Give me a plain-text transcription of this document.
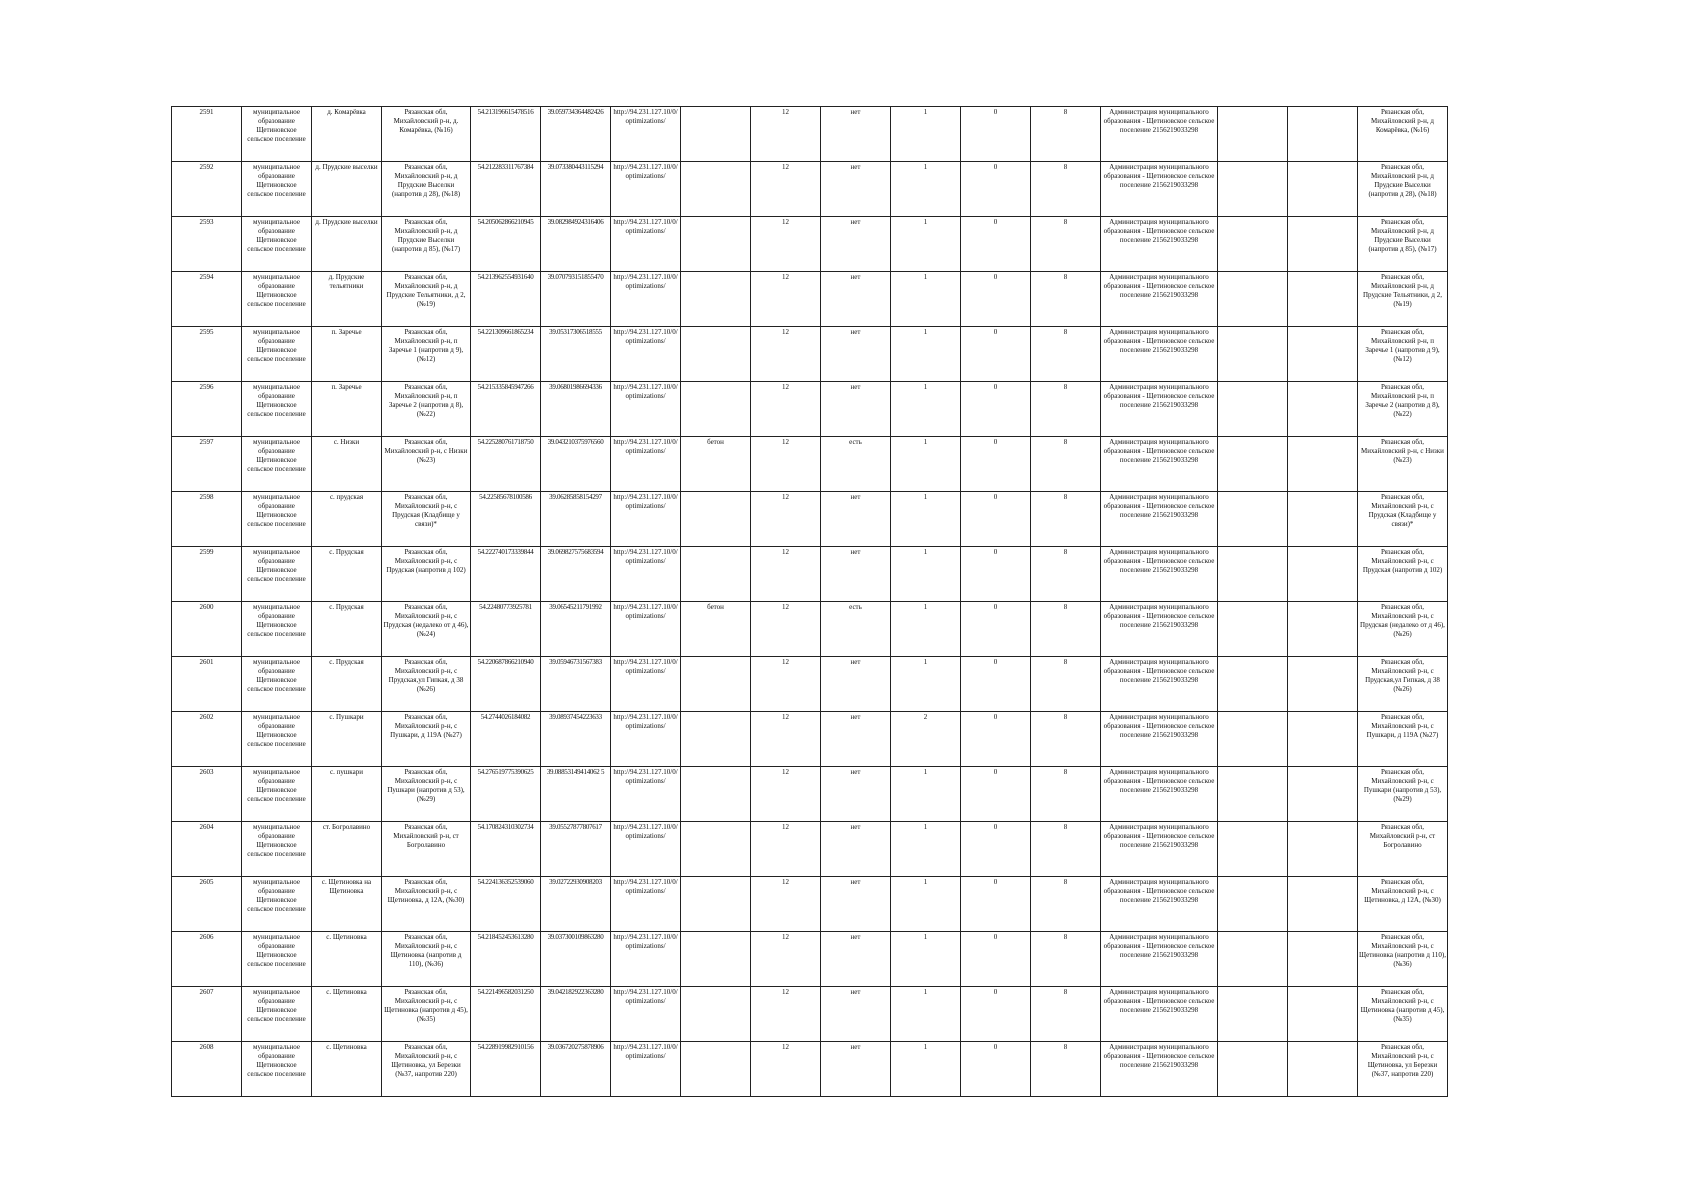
2591	муниципальное образование Щетиновское сельское поселение	д. Комарёвка	Рязанская обл, Михайловский р-н, д. Комарёвка, (№16)	54.213196615478516	39.059734364482426	http://94.231.127.10/0/optimizations/		12	нет	1	0	8	Администрация муниципального образования - Щетиновское сельское поселение 2156219033298			Рязанская обл, Михайловский р-н, д Комарёвка, (№16)
2592	муниципальное образование Щетиновское сельское поселение	д. Прудские выселки	Рязанская обл, Михайловский р-н, д Прудские Выселки (напротив д 28), (№18)	54.212283311767384	39.073380443115294	http://94.231.127.10/0/optimizations/		12	нет	1	0	8	Администрация муниципального образования - Щетиновское сельское поселение 2156219033298			Рязанская обл, Михайловский р-н, д Прудские Выселки (напротив д 28), (№18)
2593	муниципальное образование Щетиновское сельское поселение	д. Прудские выселки	Рязанская обл, Михайловский р-н, д Прудские Выселки (напротив д 85), (№17)	54.205062866210945	39.082984924316406	http://94.231.127.10/0/optimizations/		12	нет	1	0	8	Администрация муниципального образования - Щетиновское сельское поселение 2156219033298			Рязанская обл, Михайловский р-н, д Прудские Выселки (напротив д 85), (№17)
2594	муниципальное образование Щетиновское сельское поселение	д. Прудские тельятники	Рязанская обл, Михайловский р-н, д Прудские Тельятники, д 2, (№19)	54.213962554931640	39.070793151855470	http://94.231.127.10/0/optimizations/		12	нет	1	0	8	Администрация муниципального образования - Щетиновское сельское поселение 2156219033298			Рязанская обл, Михайловский р-н, д Прудские Тельятники, д 2, (№19)
2595	муниципальное образование Щетиновское сельское поселение	п. Заречье	Рязанская обл, Михайловский р-н, п Заречье 1 (напротив д 9), (№12)	54.221309661865234	39.05317306518555	http://94.231.127.10/0/optimizations/		12	нет	1	0	8	Администрация муниципального образования - Щетиновское сельское поселение 2156219033298			Рязанская обл, Михайловский р-н, п Заречье 1 (напротив д 9), (№12)
2596	муниципальное образование Щетиновское сельское поселение	п. Заречье	Рязанская обл, Михайловский р-н, п Заречье 2 (напротив д 8), (№22)	54.215335845947266	39.06801986694336	http://94.231.127.10/0/optimizations/		12	нет	1	0	8	Администрация муниципального образования - Щетиновское сельское поселение 2156219033298			Рязанская обл, Михайловский р-н, п Заречье 2 (напротив д 8), (№22)
2597	муниципальное образование Щетиновское сельское поселение	с. Низки	Рязанская обл, Михайловский р-н, с Низки (№23)	54.225280761718750	39.043210375976560	http://94.231.127.10/0/optimizations/	бетон	12	есть	1	0	8	Администрация муниципального образования - Щетиновское сельское поселение 2156219033298			Рязанская обл, Михайловский р-н, с Низки (№23)
2598	муниципальное образование Щетиновское сельское поселение	с. прудская	Рязанская обл, Михайловский р-н, с Прудская (Кладбище у связи)*	54.22585678100586	39.06285858154297	http://94.231.127.10/0/optimizations/		12	нет	1	0	8	Администрация муниципального образования - Щетиновское сельское поселение 2156219033298			Рязанская обл, Михайловский р-н, с Прудская (Кладбище у связи)*
2599	муниципальное образование Щетиновское сельское поселение	с. Прудская	Рязанская обл, Михайловский р-н, с Прудская (напротив д 102)	54.222740173339844	39.069827575683594	http://94.231.127.10/0/optimizations/		12	нет	1	0	8	Администрация муниципального образования - Щетиновское сельское поселение 2156219033298			Рязанская обл, Михайловский р-н, с Прудская (напротив д 102)
2600	муниципальное образование Щетиновское сельское поселение	с. Прудская	Рязанская обл, Михайловский р-н, с Прудская (недалеко от д 46), (№24)	54.22480773925781	39.06545211791992	http://94.231.127.10/0/optimizations/	бетон	12	есть	1	0	8	Администрация муниципального образования - Щетиновское сельское поселение 2156219033298			Рязанская обл, Михайловский р-н, с Прудская (недалеко от д 46), (№26)
2601	муниципальное образование Щетиновское сельское поселение	с. Прудская	Рязанская обл, Михайловский р-н, с Прудская,ул Гипкая, д 38 (№26)	54.220687866210940	39.05946731567383	http://94.231.127.10/0/optimizations/		12	нет	1	0	8	Администрация муниципального образования - Щетиновское сельское поселение 2156219033298			Рязанская обл, Михайловский р-н, с Прудская,ул Гипкая, д 38 (№26)
2602	муниципальное образование Щетиновское сельское поселение	с. Пушкари	Рязанская обл, Михайловский р-н, с Пушкари, д 119А (№27)	54.2744026184082	39.08937454223633	http://94.231.127.10/0/optimizations/		12	нет	2	0	8	Администрация муниципального образования - Щетиновское сельское поселение 2156219033298			Рязанская обл, Михайловский р-н, с Пушкари, д 119А (№27)
2603	муниципальное образование Щетиновское сельское поселение	с. пушкари	Рязанская обл, Михайловский р-н, с Пушкари (напротив д 53), (№29)	54.276519775390625	39.08853149414062 5	http://94.231.127.10/0/optimizations/		12	нет	1	0	8	Администрация муниципального образования - Щетиновское сельское поселение 2156219033298			Рязанская обл, Михайловский р-н, с Пушкари (напротив д 53), (№29)
2604	муниципальное образование Щетиновское сельское поселение	ст. Богролавино	Рязанская обл, Михайловский р-н, ст Богролавино	54.170824310302734	39.05527877807617	http://94.231.127.10/0/optimizations/		12	нет	1	0	8	Администрация муниципального образования - Щетиновское сельское поселение 2156219033298			Рязанская обл, Михайловский р-н, ст Богролавино
2605	муниципальное образование Щетиновское сельское поселение	с. Щетиновка на Щетиновка	Рязанская обл, Михайловский р-н, с Щетиновка, д 12А, (№30)	54.224136352539060	39.02722930908203	http://94.231.127.10/0/optimizations/		12	нет	1	0	8	Администрация муниципального образования - Щетиновское сельское поселение 2156219033298			Рязанская обл, Михайловский р-н, с Щетиновка, д 12А, (№30)
2606	муниципальное образование Щетиновское сельское поселение	с. Щетиновка	Рязанская обл, Михайловский р-н, с Щетиновка (напротив д 110), (№36)	54.218452453613280	39.037300109863280	http://94.231.127.10/0/optimizations/		12	нет	1	0	8	Администрация муниципального образования - Щетиновское сельское поселение 2156219033298			Рязанская обл, Михайловский р-н, с Щетиновка (напротив д 110), (№36)
2607	муниципальное образование Щетиновское сельское поселение	с. Щетиновка	Рязанская обл, Михайловский р-н, с Щетиновка (напротив д 45), (№35)	54.221496582031250	39.042182922363280	http://94.231.127.10/0/optimizations/		12	нет	1	0	8	Администрация муниципального образования - Щетиновское сельское поселение 2156219033298			Рязанская обл, Михайловский р-н, с Щетиновка (напротив д 45), (№35)
2608	муниципальное образование Щетиновское сельское поселение	с. Щетиновка	Рязанская обл, Михайловский р-н, с Щетиновка, ул Березки (№37, напротив 220)	54.228919982910156	39.036720275878906	http://94.231.127.10/0/optimizations/		12	нет	1	0	8	Администрация муниципального образования - Щетиновское сельское поселение 2156219033298			Рязанская обл, Михайловский р-н, с Щетиновка, ул Березки (№37, напротив 220)
